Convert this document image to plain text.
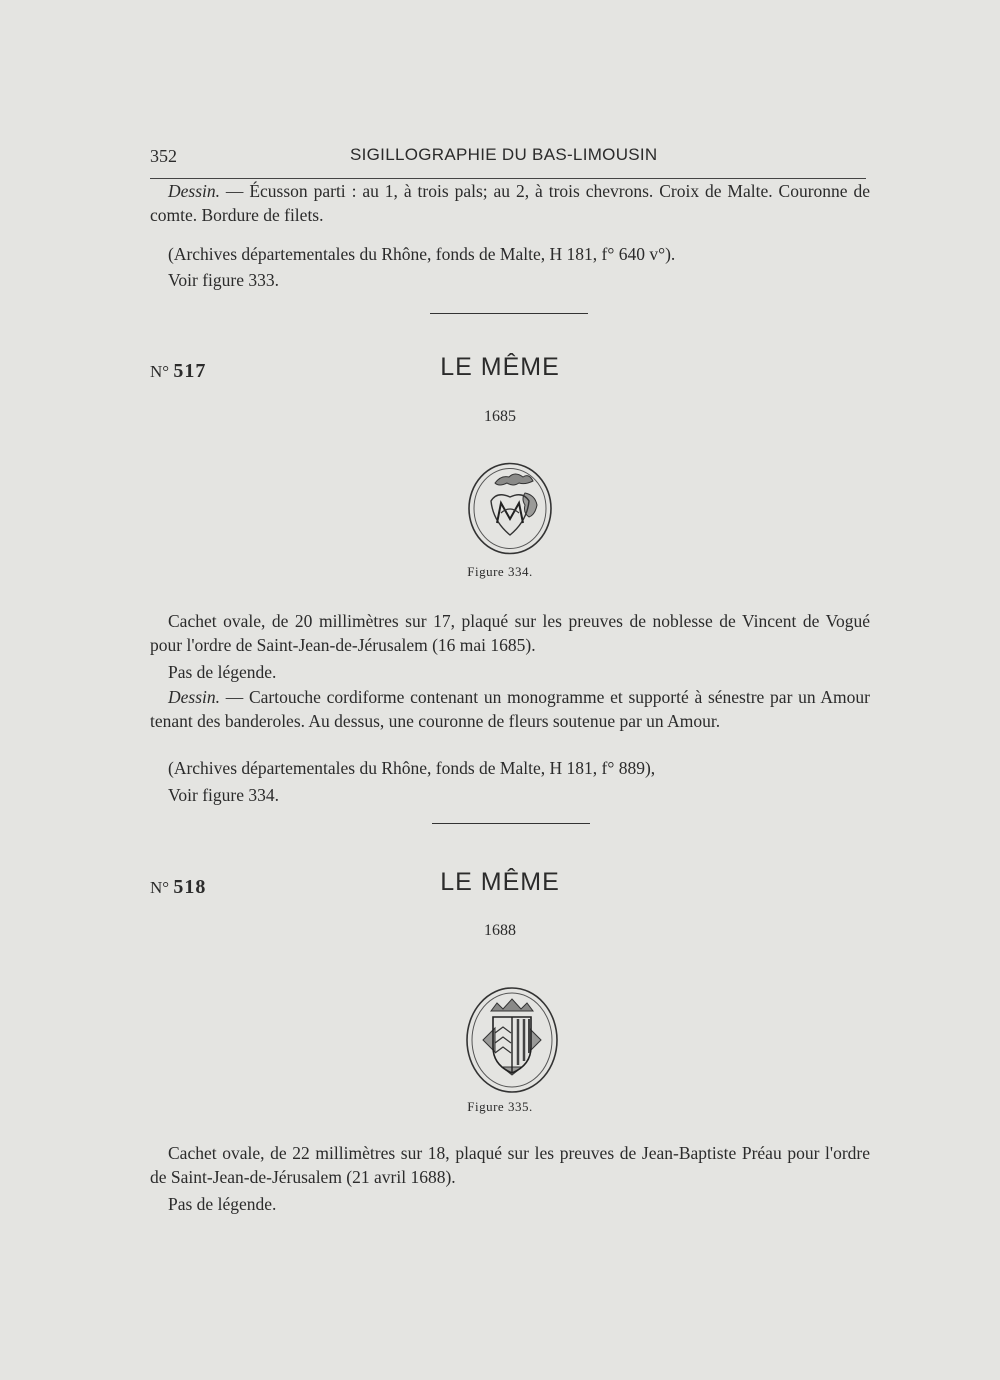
352	SIGILLOGRAPHIE DU BAS-LIMOUSIN

Dessin. — Écusson parti : au 1, à trois pals; au 2, à trois chevrons. Croix de Malte. Couronne de comte. Bordure de filets.

(Archives départementales du Rhône, fonds de Malte, H 181, f° 640 v°).
Voir figure 333.
N° 517	LE MÊME
1685
Figure 334.

Cachet ovale, de 20 millimètres sur 17, plaqué sur les preuves de noblesse de Vincent de Vogué pour l'ordre de Saint-Jean-de-Jérusalem (16 mai 1685).

Pas de légende.

Dessin. — Cartouche cordiforme contenant un monogramme et supporté à sénestre par un Amour tenant des banderoles. Au dessus, une couronne de fleurs soutenue par un Amour.

(Archives départementales du Rhône, fonds de Malte, H 181, f° 889),
Voir figure 334.
N° 518	LE MÊME
1688
Figure 335.

Cachet ovale, de 22 millimètres sur 18, plaqué sur les preuves de Jean-Baptiste Préau pour l'ordre de Saint-Jean-de-Jérusalem (21 avril 1688).

Pas de légende.
